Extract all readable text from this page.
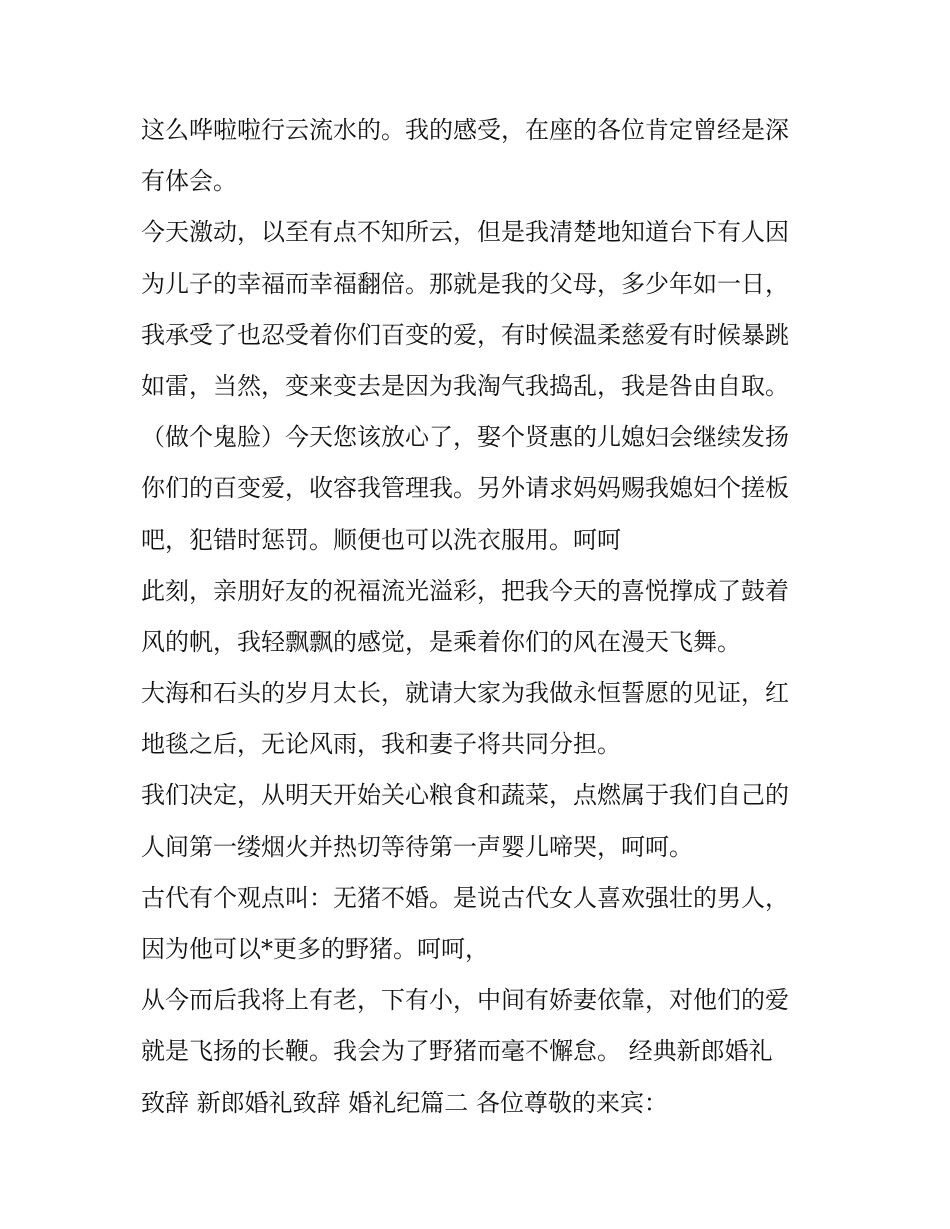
这么哗啦啦行云流水的。我的感受，在座的各位肯定曾经是深
有体会。
今天激动，以至有点不知所云，但是我清楚地知道台下有人因
为儿子的幸福而幸福翻倍。那就是我的父母，多少年如一日，
我承受了也忍受着你们百变的爱，有时候温柔慈爱有时候暴跳
如雷，当然，变来变去是因为我淘气我捣乱，我是咎由自取。
（做个鬼脸）今天您该放心了，娶个贤惠的儿媳妇会继续发扬
你们的百变爱，收容我管理我。另外请求妈妈赐我媳妇个搓板
吧，犯错时惩罚。顺便也可以洗衣服用。呵呵
此刻，亲朋好友的祝福流光溢彩，把我今天的喜悦撑成了鼓着
风的帆，我轻飘飘的感觉，是乘着你们的风在漫天飞舞。
大海和石头的岁月太长，就请大家为我做永恒誓愿的见证，红
地毯之后，无论风雨，我和妻子将共同分担。
我们决定，从明天开始关心粮食和蔬菜，点燃属于我们自己的
人间第一缕烟火并热切等待第一声婴儿啼哭，呵呵。
古代有个观点叫：无猪不婚。是说古代女人喜欢强壮的男人，
因为他可以*更多的野猪。呵呵，
从今而后我将上有老，下有小，中间有娇妻依靠，对他们的爱
就是飞扬的长鞭。我会为了野猪而毫不懈怠。 经典新郎婚礼
致辞 新郎婚礼致辞 婚礼纪篇二 各位尊敬的来宾：
